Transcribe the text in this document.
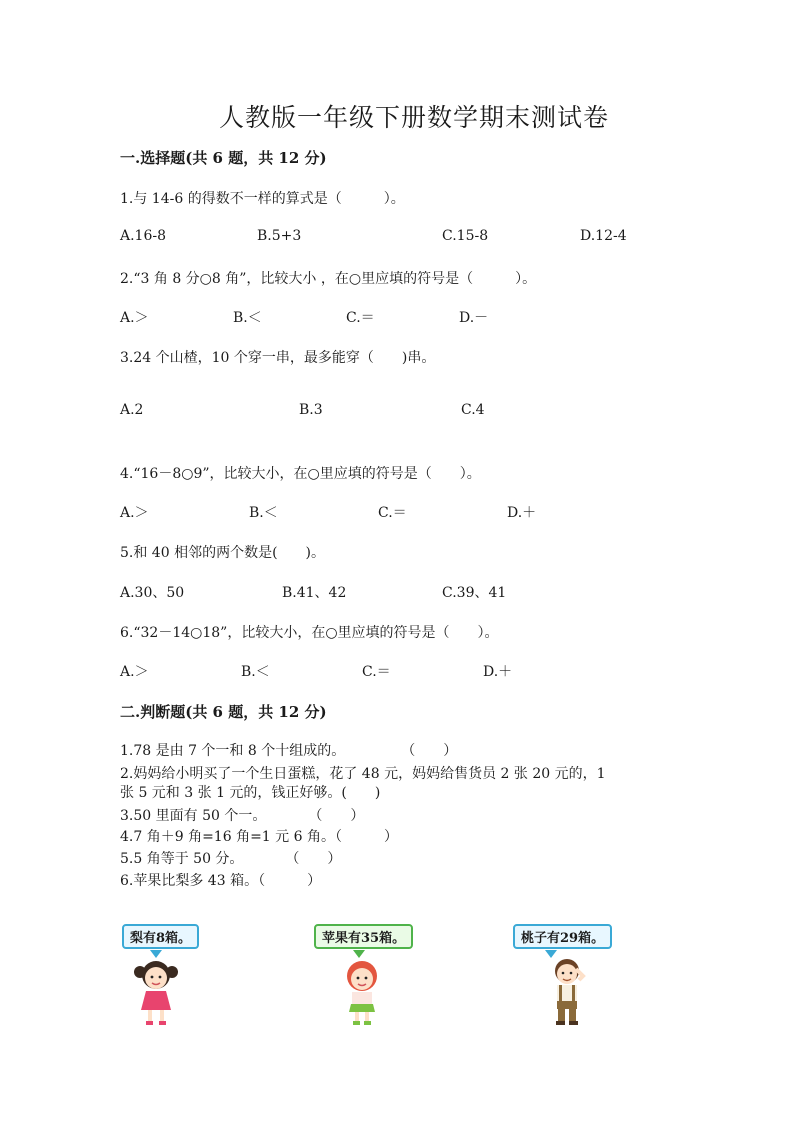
人教版一年级下册数学期末测试卷
一.选择题(共 6 题，共 12 分)
1.与 14-6 的得数不一样的算式是（　　　）。
A.16-8	B.5+3	C.15-8	D.12-4
2.“3 角 8 分○8 角”，比较大小 ，在○里应填的符号是（　　　）。
A.＞	B.＜	C.＝	D.－
3.24 个山楂，10 个穿一串，最多能穿（　　)串。
A.2	B.3	C.4
4.“16－8○9”，比较大小，在○里应填的符号是（　　）。
A.＞	B.＜	C.＝	D.＋
5.和 40 相邻的两个数是(　　)。
A.30、50	B.41、42	C.39、41
6.“32－14○18”，比较大小，在○里应填的符号是（　　）。
A.＞	B.＜	C.＝	D.＋
二.判断题(共 6 题，共 12 分)
1.78 是由 7 个一和 8 个十组成的。　　　　　（　　）
2.妈妈给小明买了一个生日蛋糕，花了 48 元，妈妈给售货员 2 张 20 元的，1
张 5 元和 3 张 1 元的，钱正好够。(　　)
3.50 里面有 50 个一。　　　　（　　）
4.7 角＋9 角=16 角=1 元 6 角。（　　　）
5.5 角等于 50 分。　　　　（　　）
6.苹果比梨多 43 箱。（　　　）
梨有8箱。	苹果有35箱。	桃子有29箱。
